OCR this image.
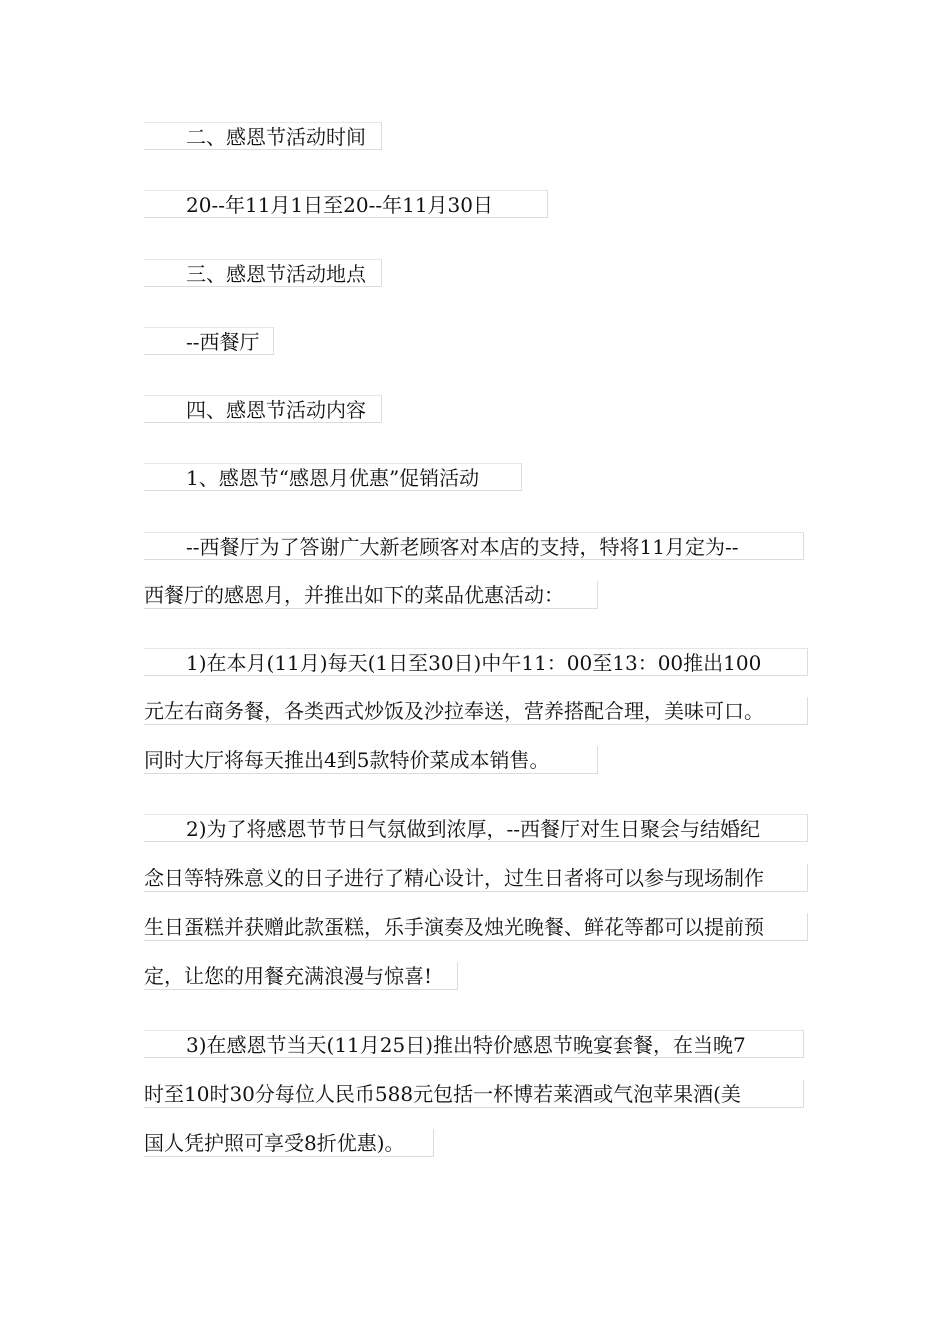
二、感恩节活动时间
20--年11月1日至20--年11月30日
三、感恩节活动地点
--西餐厅
四、感恩节活动内容
1、感恩节“感恩月优惠”促销活动
--西餐厅为了答谢广大新老顾客对本店的支持，特将11月定为--
西餐厅的感恩月，并推出如下的菜品优惠活动：
1)在本月(11月)每天(1日至30日)中午11：00至13：00推出100
元左右商务餐，各类西式炒饭及沙拉奉送，营养搭配合理，美味可口。
同时大厅将每天推出4到5款特价菜成本销售。
2)为了将感恩节节日气氛做到浓厚，--西餐厅对生日聚会与结婚纪
念日等特殊意义的日子进行了精心设计，过生日者将可以参与现场制作
生日蛋糕并获赠此款蛋糕，乐手演奏及烛光晚餐、鲜花等都可以提前预
定，让您的用餐充满浪漫与惊喜!
3)在感恩节当天(11月25日)推出特价感恩节晚宴套餐，在当晚7
时至10时30分每位人民币588元包括一杯博若莱酒或气泡苹果酒(美
国人凭护照可享受8折优惠)。
